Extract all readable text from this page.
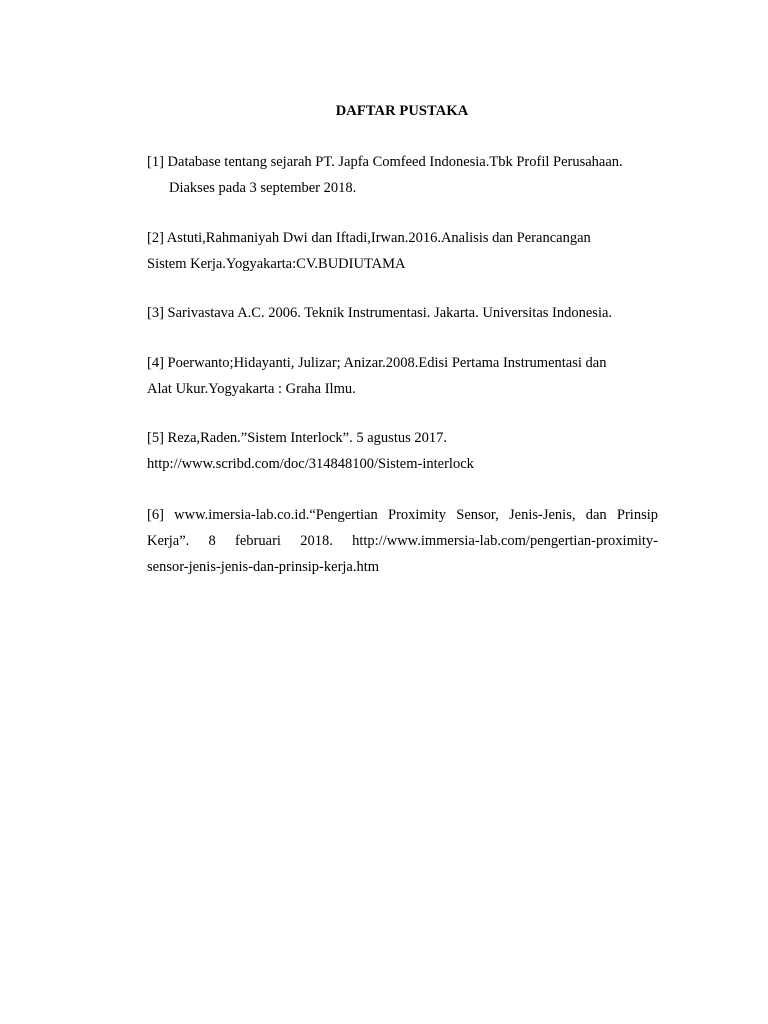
DAFTAR PUSTAKA
[1] Database tentang sejarah PT. Japfa Comfeed Indonesia.Tbk Profil Perusahaan.
Diakses pada 3 september 2018.
[2] Astuti,Rahmaniyah Dwi dan Iftadi,Irwan.2016.Analisis dan Perancangan
Sistem Kerja.Yogyakarta:CV.BUDIUTAMA
[3] Sarivastava A.C. 2006. Teknik Instrumentasi. Jakarta. Universitas Indonesia.
[4] Poerwanto;Hidayanti, Julizar; Anizar.2008.Edisi Pertama Instrumentasi dan
Alat Ukur.Yogyakarta : Graha Ilmu.
[5] Reza,Raden.”Sistem Interlock”. 5 agustus 2017.
http://www.scribd.com/doc/314848100/Sistem-interlock
[6] www.imersia-lab.co.id.“Pengertian Proximity Sensor, Jenis-Jenis, dan Prinsip
Kerja”. 8 februari 2018. http://www.immersia-lab.com/pengertian-proximity-
sensor-jenis-jenis-dan-prinsip-kerja.htm
